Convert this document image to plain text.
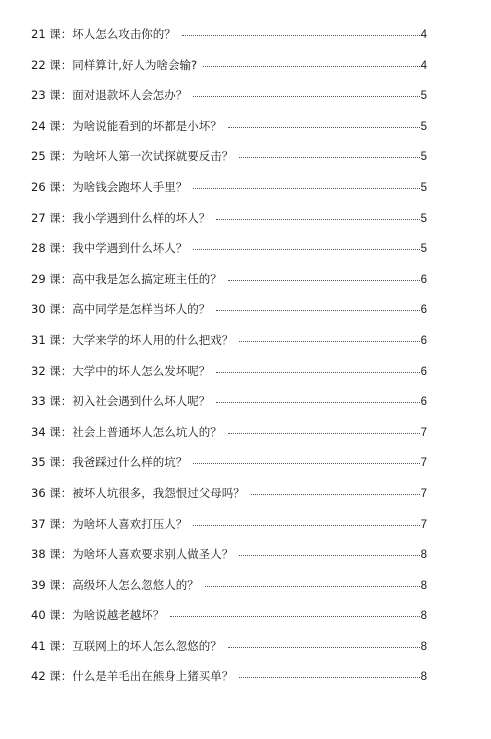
21 课：坏人怎么攻击你的？	4
22 课：同样算计,好人为啥会输?	4
23 课：面对退款坏人会怎办？	5
24 课：为啥说能看到的坏都是小坏？	5
25 课：为啥坏人第一次试探就要反击？	5
26 课：为啥钱会跑坏人手里？	5
27 课：我小学遇到什么样的坏人？	5
28 课：我中学遇到什么坏人？	5
29 课：高中我是怎么搞定班主任的？	6
30 课：高中同学是怎样当坏人的？	6
31 课：大学来学的坏人用的什么把戏？	6
32 课：大学中的坏人怎么发坏呢？	6
33 课：初入社会遇到什么坏人呢？	6
34 课：社会上普通坏人怎么坑人的？	7
35 课：我爸踩过什么样的坑？	7
36 课：被坏人坑很多，我怨恨过父母吗？	7
37 课：为啥坏人喜欢打压人？	7
38 课：为啥坏人喜欢要求别人做圣人？	8
39 课：高级坏人怎么忽悠人的？	8
40 课：为啥说越老越坏？	8
41 课：互联网上的坏人怎么忽悠的？	8
42 课：什么是羊毛出在熊身上猪买单？	8
